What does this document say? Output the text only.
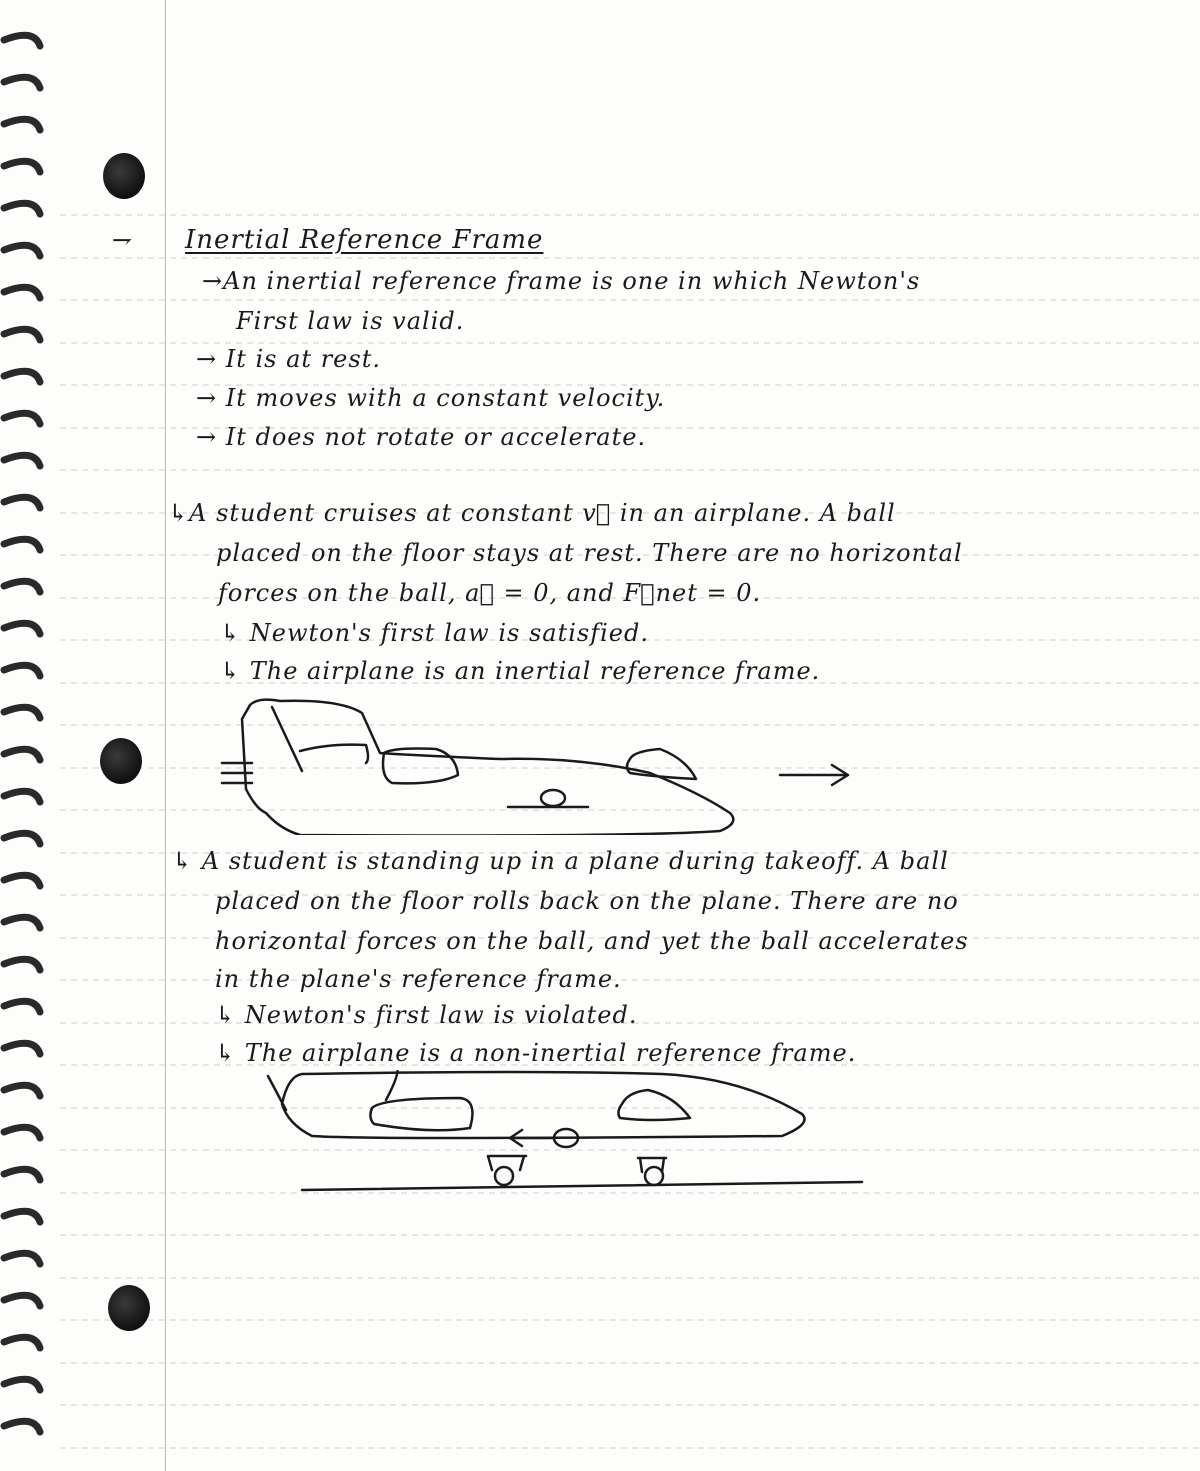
⇁ Inertial Reference Frame
→An inertial reference frame is one in which Newton's
First law is valid.
→ It is at rest.
→ It moves with a constant velocity.
→ It does not rotate or accelerate.
↳A student cruises at constant v⃗ in an airplane. A ball
placed on the floor stays at rest. There are no horizontal
forces on the ball, a⃗ = 0, and F⃗net = 0.
↳ Newton's first law is satisfied.
↳ The airplane is an inertial reference frame.
↳ A student is standing up in a plane during takeoff. A ball
placed on the floor rolls back on the plane. There are no
horizontal forces on the ball, and yet the ball accelerates
in the plane's reference frame.
↳ Newton's first law is violated.
↳ The airplane is a non-inertial reference frame.
